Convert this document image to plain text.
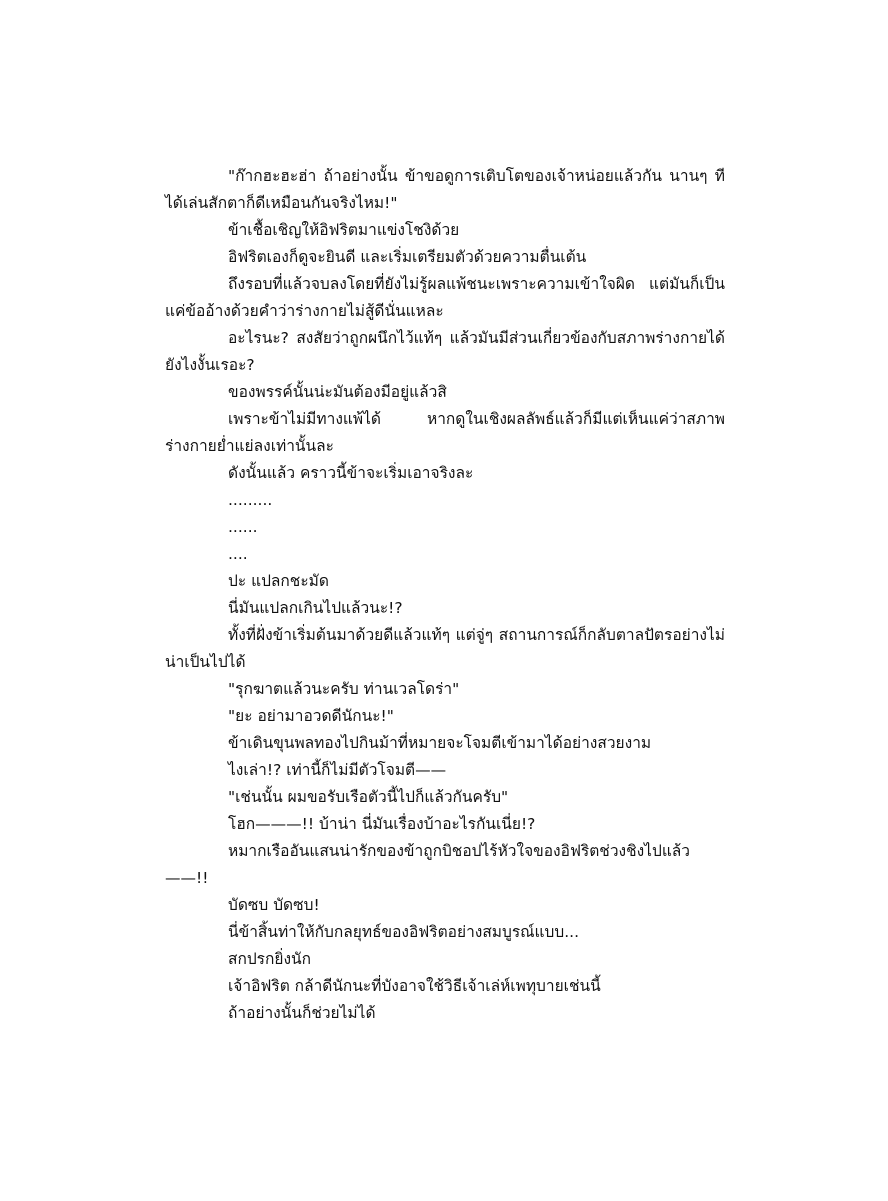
"ก๊ากฮะฮะฮ่า ถ้าอย่างนั้น ข้าขอดูการเติบโตของเจ้าหน่อยแล้วกัน นานๆ ที ได้เล่นสักตาก็ดีเหมือนกันจริงไหม!"

ข้าเชื้อเชิญให้อิฟริตมาแข่งโชงิด้วย

อิฟริตเองก็ดูจะยินดี และเริ่มเตรียมตัวด้วยความตื่นเต้น

ถึงรอบที่แล้วจบลงโดยที่ยังไม่รู้ผลแพ้ชนะเพราะความเข้าใจผิด แต่มันก็เป็นแค่ข้ออ้างด้วยคำว่าร่างกายไม่สู้ดีนั่นแหละ

อะไรนะ? สงสัยว่าถูกผนึกไว้แท้ๆ แล้วมันมีส่วนเกี่ยวข้องกับสภาพร่างกายได้ยังไงงั้นเรอะ?

ของพรรค์นั้นน่ะมันต้องมีอยู่แล้วสิ

เพราะข้าไม่มีทางแพ้ได้ หากดูในเชิงผลลัพธ์แล้วก็มีแต่เห็นแค่ว่าสภาพร่างกายย่ำแย่ลงเท่านั้นละ

ดังนั้นแล้ว คราวนี้ข้าจะเริ่มเอาจริงละ

.........

......

....

ปะ แปลกชะมัด

นี่มันแปลกเกินไปแล้วนะ!?

ทั้งที่ฝั่งข้าเริ่มต้นมาด้วยดีแล้วแท้ๆ แต่จู่ๆ สถานการณ์ก็กลับตาลปัตรอย่างไม่น่าเป็นไปได้

"รุกฆาตแล้วนะครับ ท่านเวลโดร่า"

"ยะ อย่ามาอวดดีนักนะ!"

ข้าเดินขุนพลทองไปกินม้าที่หมายจะโจมตีเข้ามาได้อย่างสวยงาม

ไงเล่า!? เท่านี้ก็ไม่มีตัวโจมตี——

"เช่นนั้น ผมขอรับเรือตัวนี้ไปก็แล้วกันครับ"

โฮก———!! บ้าน่า นี่มันเรื่องบ้าอะไรกันเนี่ย!?

หมากเรืออันแสนน่ารักของข้าถูกบิชอปไร้หัวใจของอิฟริตช่วงชิงไปแล้ว——!!

บัดซบ บัดซบ!

นี่ข้าสิ้นท่าให้กับกลยุทธ์ของอิฟริตอย่างสมบูรณ์แบบ...

สกปรกยิ่งนัก

เจ้าอิฟริต กล้าดีนักนะที่บังอาจใช้วิธีเจ้าเล่ห์เพทุบายเช่นนี้

ถ้าอย่างนั้นก็ช่วยไม่ได้
